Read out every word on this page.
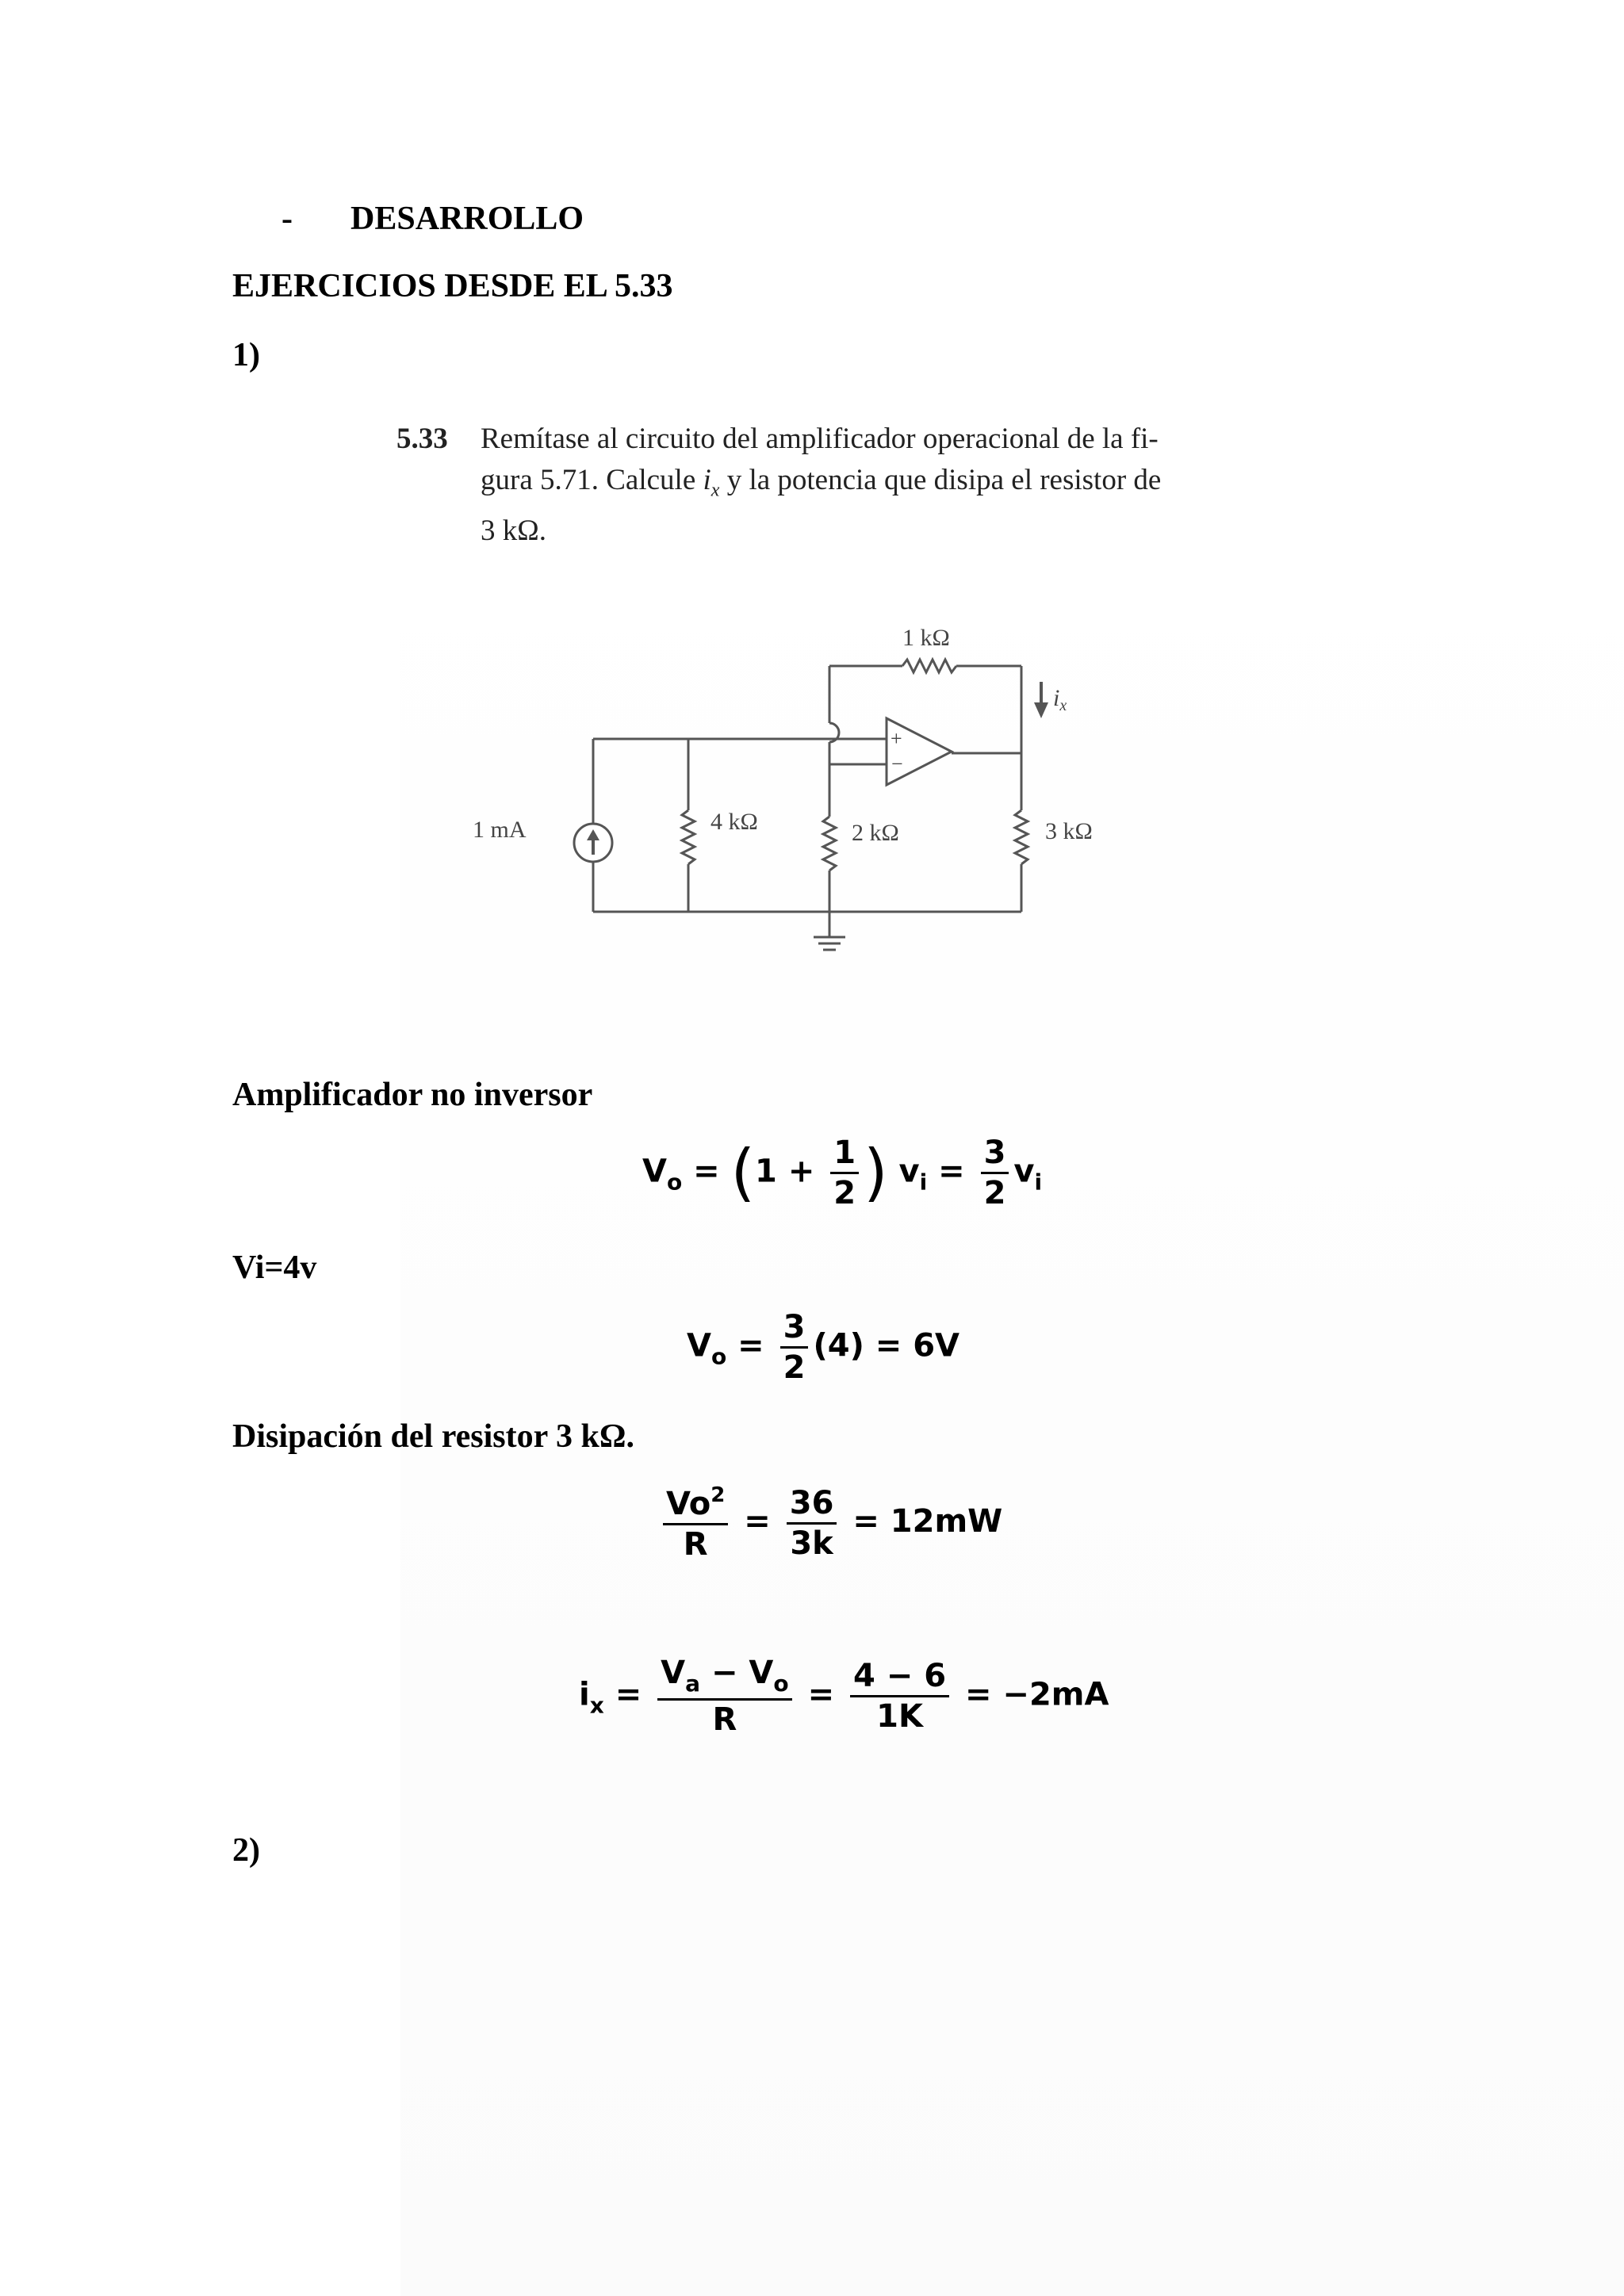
- DESARROLLO
EJERCICIOS DESDE EL 5.33
1)
5.33 Remítase al circuito del amplificador operacional de la fi-
gura 5.71. Calcule $i_x$ y la potencia que disipa el resistor de
3 kΩ.
1 mA	4 kΩ	2 kΩ	3 kΩ
1 kΩ
$i_x$
+
−
Amplificador no inversor
$V_o = (1 + \frac{1}{2}$ ) $v_i = \frac{3}{2} v_i$
Vi=4v
$V_o = \frac{3}{2} (4) = 6V$
Disipación del resistor 3 kΩ.
$\frac{Vo^2}{R} = \frac{36}{3k} = 12mW$
$i_x = \frac{V_a - V_o}{R} = \frac{4 - 6}{1K} = -2mA$
2)
